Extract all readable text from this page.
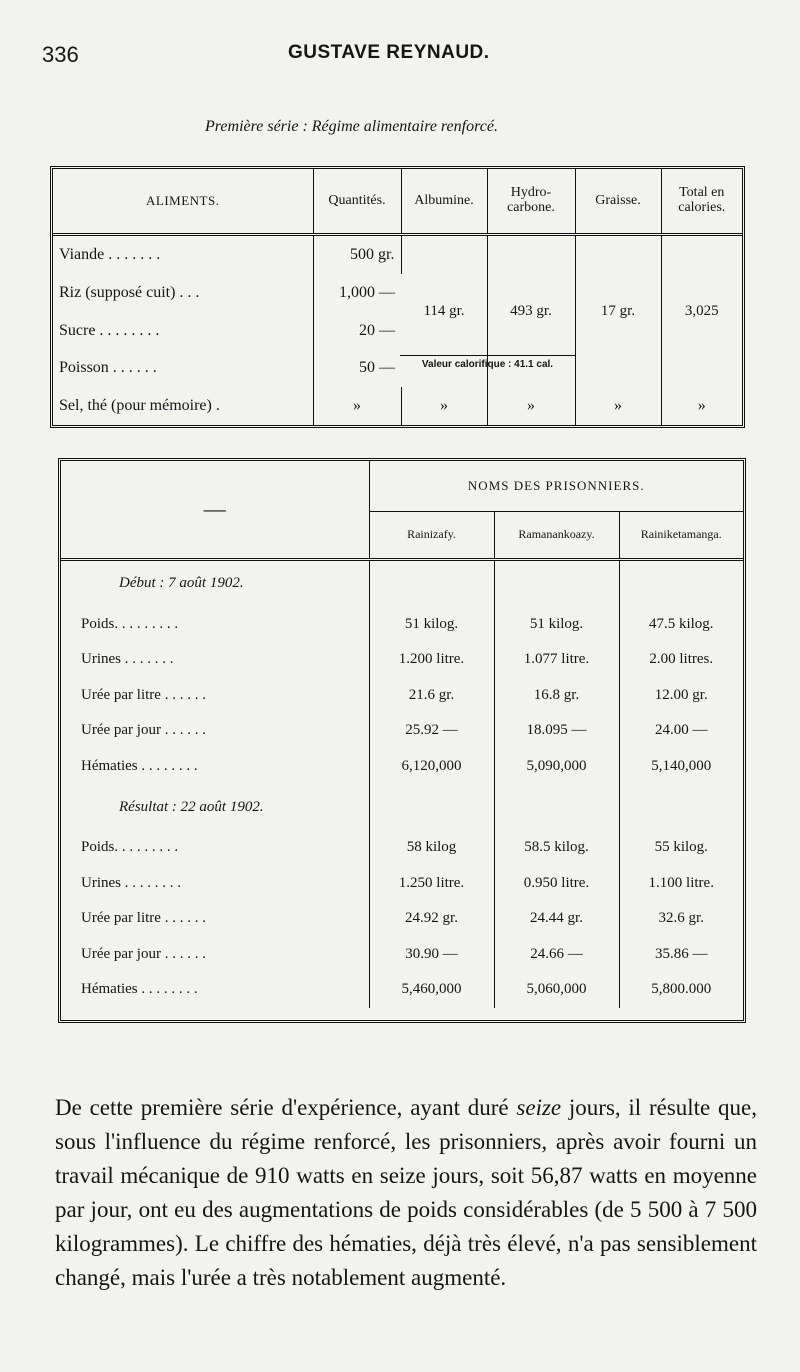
336	GUSTAVE REYNAUD.
Première série : Régime alimentaire renforcé.
ALIMENTS.	Quantités.	Albumine.	Hydro-carbone.	Graisse.	Total en calories.
Viande . . . . . . .	500 gr.	114 gr.	493 gr.	17 gr.	3,025
Riz (supposé cuit) . . .	1,000 —				
Sucre . . . . . . . .	20 —				
Poisson . . . . . .	50 —				
Sel, thé (pour mémoire) .	»	»	»	»	»
Valeur calorifique : 41.1 cal.
—	NOMS DES PRISONNIERS.		
	Rainizafy.	Ramanankoazy.	Rainiketamanga.
Début : 7 août 1902.			
Poids. . . . . . . . .	51 kilog.	51 kilog.	47.5 kilog.
Urines . . . . . . .	1.200 litre.	1.077 litre.	2.00 litres.
Urée par litre . . . . . .	21.6 gr.	16.8 gr.	12.00 gr.
Urée par jour . . . . . .	25.92 —	18.095 —	24.00 —
Hématies . . . . . . . .	6,120,000	5,090,000	5,140,000
Résultat : 22 août 1902.			
Poids. . . . . . . . .	58 kilog	58.5 kilog.	55 kilog.
Urines . . . . . . . .	1.250 litre.	0.950 litre.	1.100 litre.
Urée par litre . . . . . .	24.92 gr.	24.44 gr.	32.6 gr.
Urée par jour . . . . . .	30.90 —	24.66 —	35.86 —
Hématies . . . . . . . .	5,460,000	5,060,000	5,800.000

De cette première série d'expérience, ayant duré seize jours, il résulte que, sous l'influence du régime renforcé, les prisonniers, après avoir fourni un travail mécanique de 910 watts en seize jours, soit 56,87 watts en moyenne par jour, ont eu des augmentations de poids considérables (de 5 500 à 7 500 kilogrammes). Le chiffre des hématies, déjà très élevé, n'a pas sensiblement changé, mais l'urée a très notablement augmenté.
